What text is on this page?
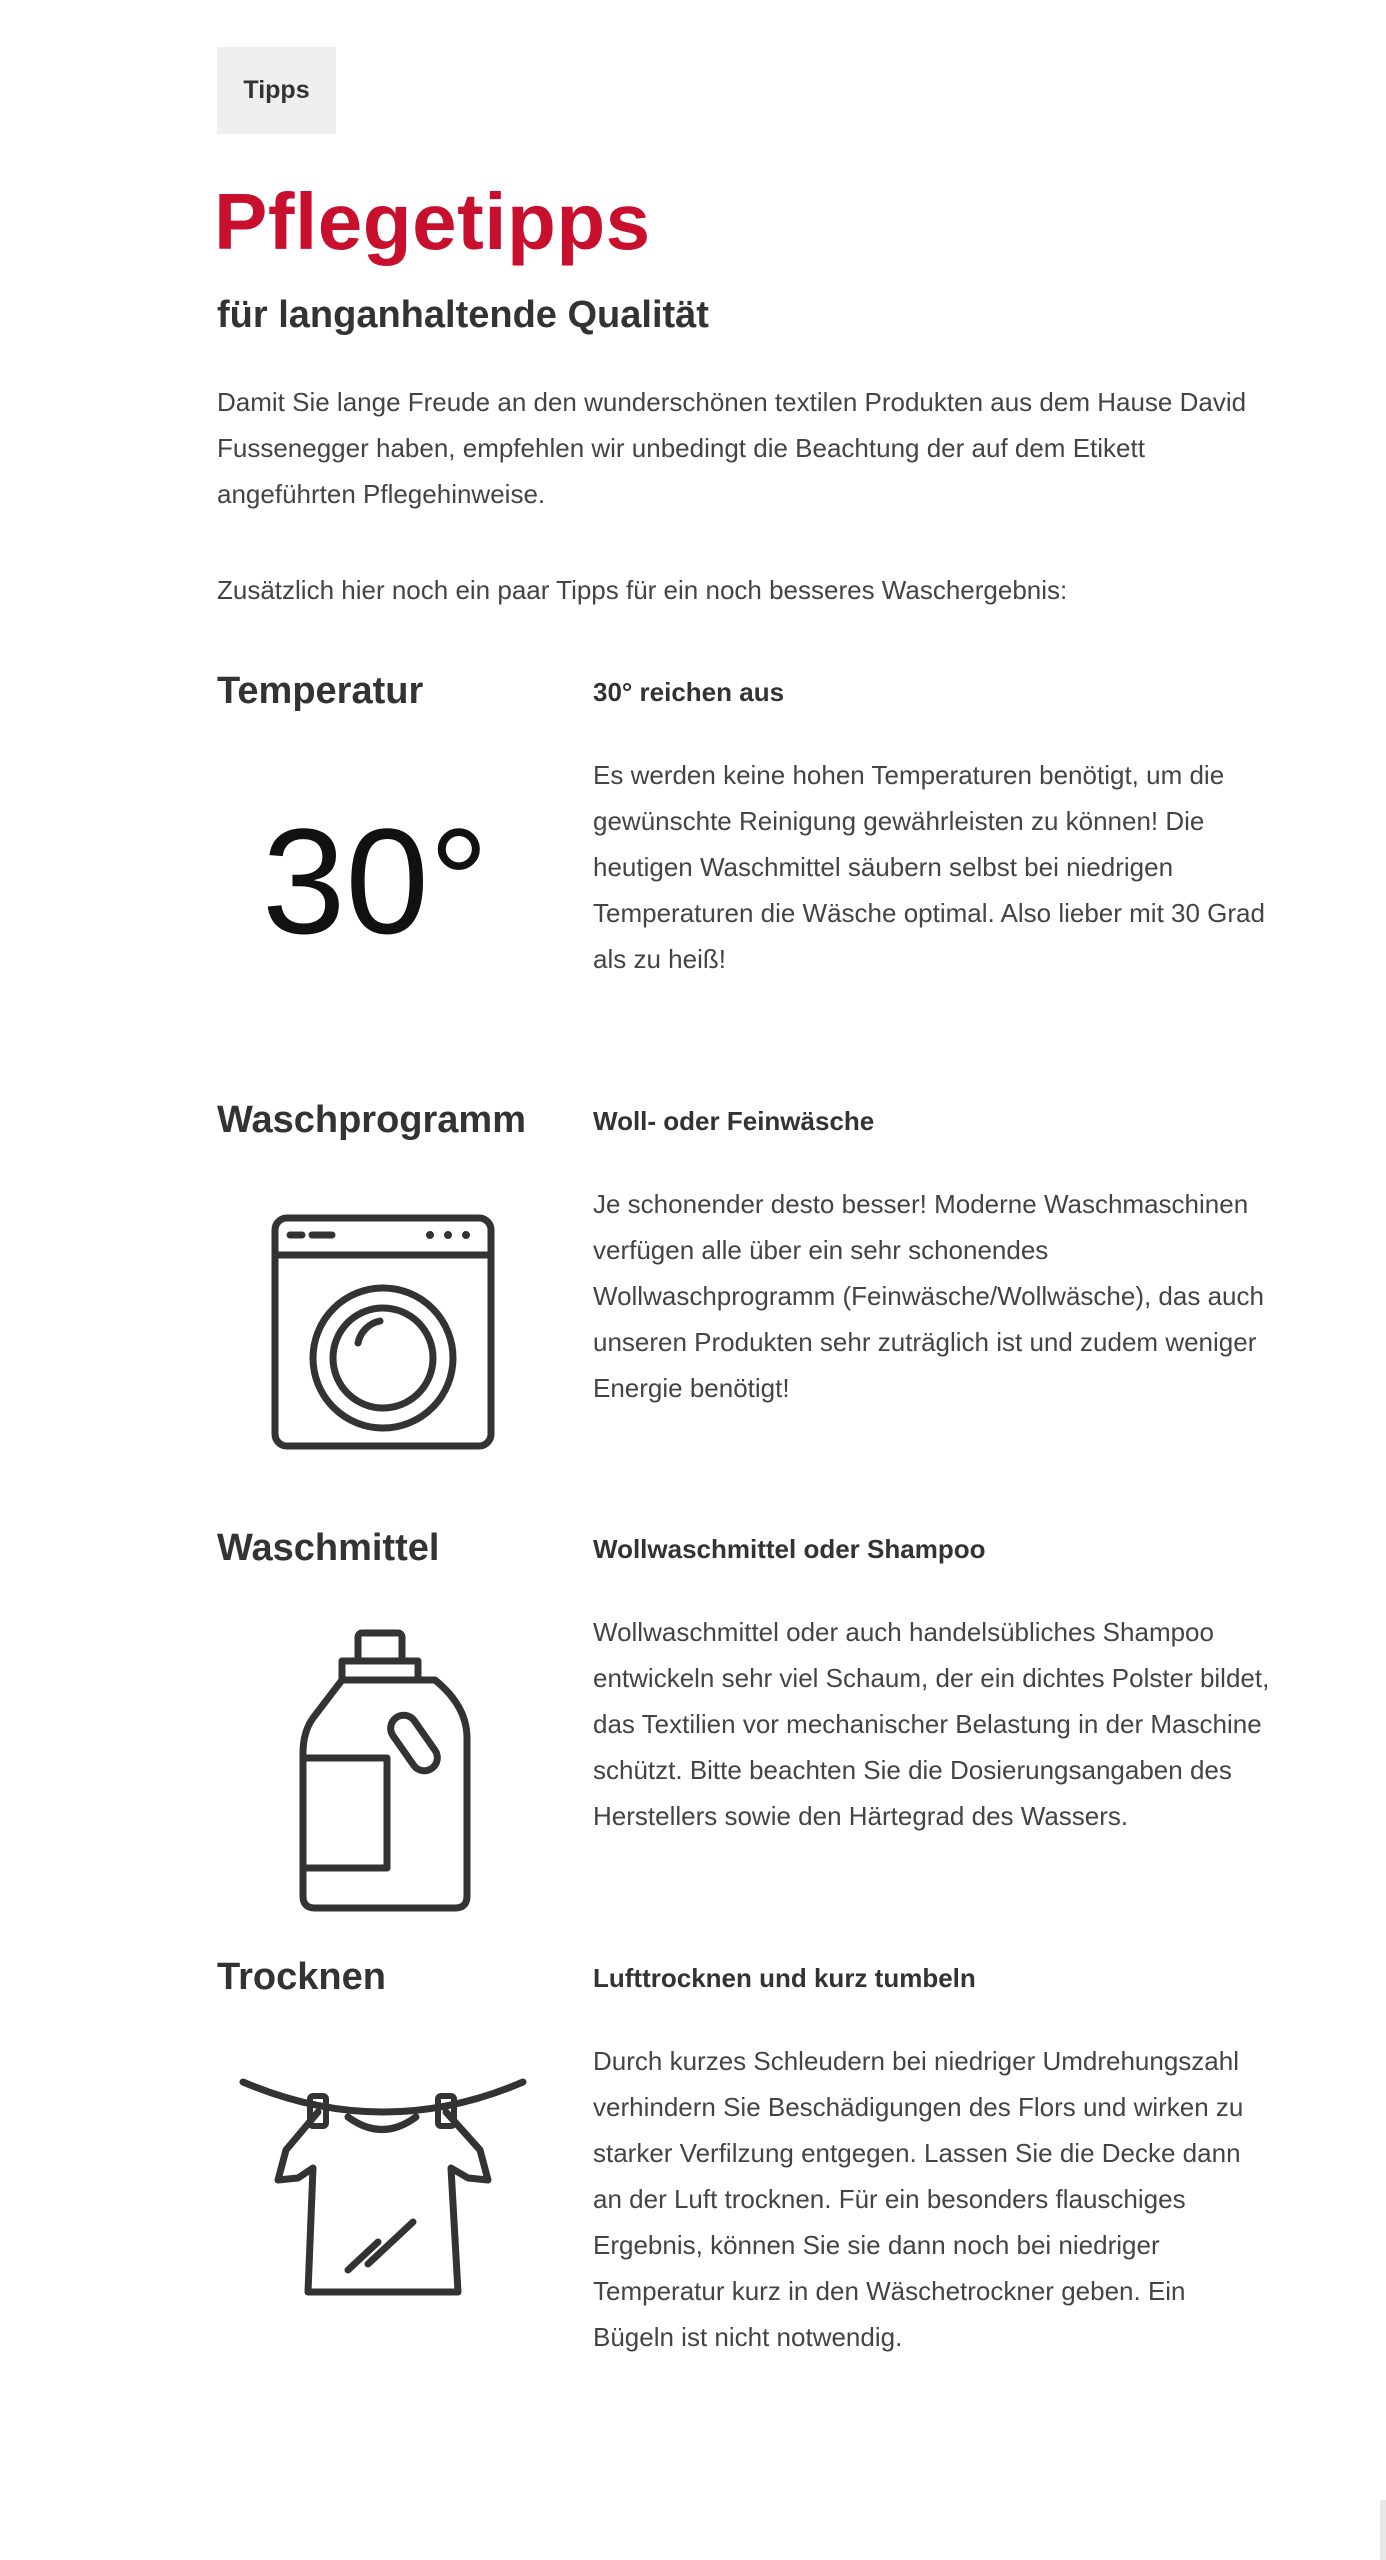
Tipps
Pflegetipps
für langanhaltende Qualität

Damit Sie lange Freude an den wunderschönen textilen Produkten aus dem Hause David Fussenegger haben, empfehlen wir unbedingt die Beachtung der auf dem Etikett angeführten Pflegehinweise.

Zusätzlich hier noch ein paar Tipps für ein noch besseres Waschergebnis:

Temperatur	30° reichen aus

Es werden keine hohen Temperaturen benötigt, um die gewünschte Reinigung gewährleisten zu können! Die heutigen Waschmittel säubern selbst bei niedrigen Temperaturen die Wäsche optimal. Also lieber mit 30 Grad als zu heiß!

30°
Waschprogramm	Woll- oder Feinwäsche

Je schonender desto besser! Moderne Waschmaschinen verfügen alle über ein sehr schonendes Wollwaschprogramm (Feinwäsche/Wollwäsche), das auch unseren Produkten sehr zuträglich ist und zudem weniger Energie benötigt!

Waschmittel	Wollwaschmittel oder Shampoo

Wollwaschmittel oder auch handelsübliches Shampoo entwickeln sehr viel Schaum, der ein dichtes Polster bildet, das Textilien vor mechanischer Belastung in der Maschine schützt. Bitte beachten Sie die Dosierungsangaben des Herstellers sowie den Härtegrad des Wassers.

Trocknen	Lufttrocknen und kurz tumbeln

Durch kurzes Schleudern bei niedriger Umdrehungszahl verhindern Sie Beschädigungen des Flors und wirken zu starker Verfilzung entgegen. Lassen Sie die Decke dann an der Luft trocknen. Für ein besonders flauschiges Ergebnis, können Sie sie dann noch bei niedriger Temperatur kurz in den Wäschetrockner geben. Ein Bügeln ist nicht notwendig.
